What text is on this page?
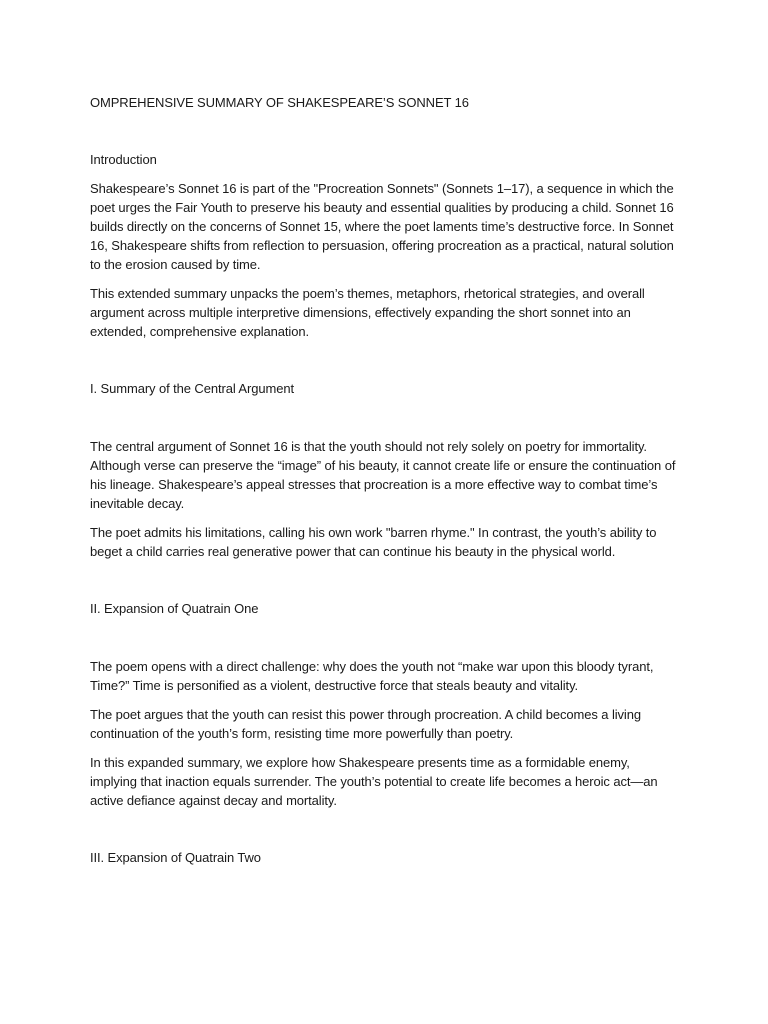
OMPREHENSIVE SUMMARY OF SHAKESPEARE’S SONNET 16
Introduction

Shakespeare’s Sonnet 16 is part of the "Procreation Sonnets" (Sonnets 1–17), a sequence in which the poet urges the Fair Youth to preserve his beauty and essential qualities by producing a child. Sonnet 16 builds directly on the concerns of Sonnet 15, where the poet laments time’s destructive force. In Sonnet 16, Shakespeare shifts from reflection to persuasion, offering procreation as a practical, natural solution to the erosion caused by time.

This extended summary unpacks the poem’s themes, metaphors, rhetorical strategies, and overall argument across multiple interpretive dimensions, effectively expanding the short sonnet into an extended, comprehensive explanation.

I. Summary of the Central Argument

The central argument of Sonnet 16 is that the youth should not rely solely on poetry for immortality. Although verse can preserve the “image” of his beauty, it cannot create life or ensure the continuation of his lineage. Shakespeare’s appeal stresses that procreation is a more effective way to combat time’s inevitable decay.

The poet admits his limitations, calling his own work "barren rhyme." In contrast, the youth’s ability to beget a child carries real generative power that can continue his beauty in the physical world.

II. Expansion of Quatrain One

The poem opens with a direct challenge: why does the youth not “make war upon this bloody tyrant, Time?” Time is personified as a violent, destructive force that steals beauty and vitality.

The poet argues that the youth can resist this power through procreation. A child becomes a living continuation of the youth’s form, resisting time more powerfully than poetry.

In this expanded summary, we explore how Shakespeare presents time as a formidable enemy, implying that inaction equals surrender. The youth’s potential to create life becomes a heroic act—an active defiance against decay and mortality.

III. Expansion of Quatrain Two
